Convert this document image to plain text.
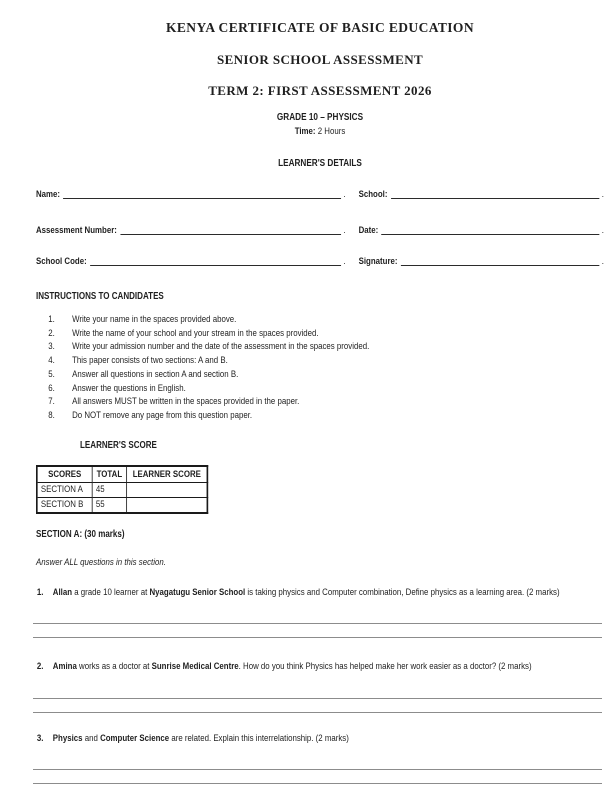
KENYA CERTIFICATE OF BASIC EDUCATION
SENIOR SCHOOL ASSESSMENT
TERM 2: FIRST ASSESSMENT 2026
GRADE 10 – PHYSICS
Time: 2 Hours
LEARNER'S DETAILS
Name:	. School:	.
Assessment Number:	. Date:	.
School Code:	. Signature:	.
INSTRUCTIONS TO CANDIDATES
1.	Write your name in the spaces provided above.
2.	Write the name of your school and your stream in the spaces provided.
3.	Write your admission number and the date of the assessment in the spaces provided.
4.	This paper consists of two sections: A and B.
5.	Answer all questions in section A and section B.
6.	Answer the questions in English.
7.	All answers MUST be written in the spaces provided in the paper.
8.	Do NOT remove any page from this question paper.
LEARNER'S SCORE
SCORES	TOTAL	LEARNER SCORE
SECTION A	45	
SECTION B	55	
SECTION A: (30 marks)
Answer ALL questions in this section.
1. Allan a grade 10 learner at Nyagatugu Senior School is taking physics and Computer combination, Define physics as a learning area. (2 marks)

2. Amina works as a doctor at Sunrise Medical Centre. How do you think Physics has helped make her work easier as a doctor? (2 marks)

3. Physics and Computer Science are related. Explain this interrelationship. (2 marks)
